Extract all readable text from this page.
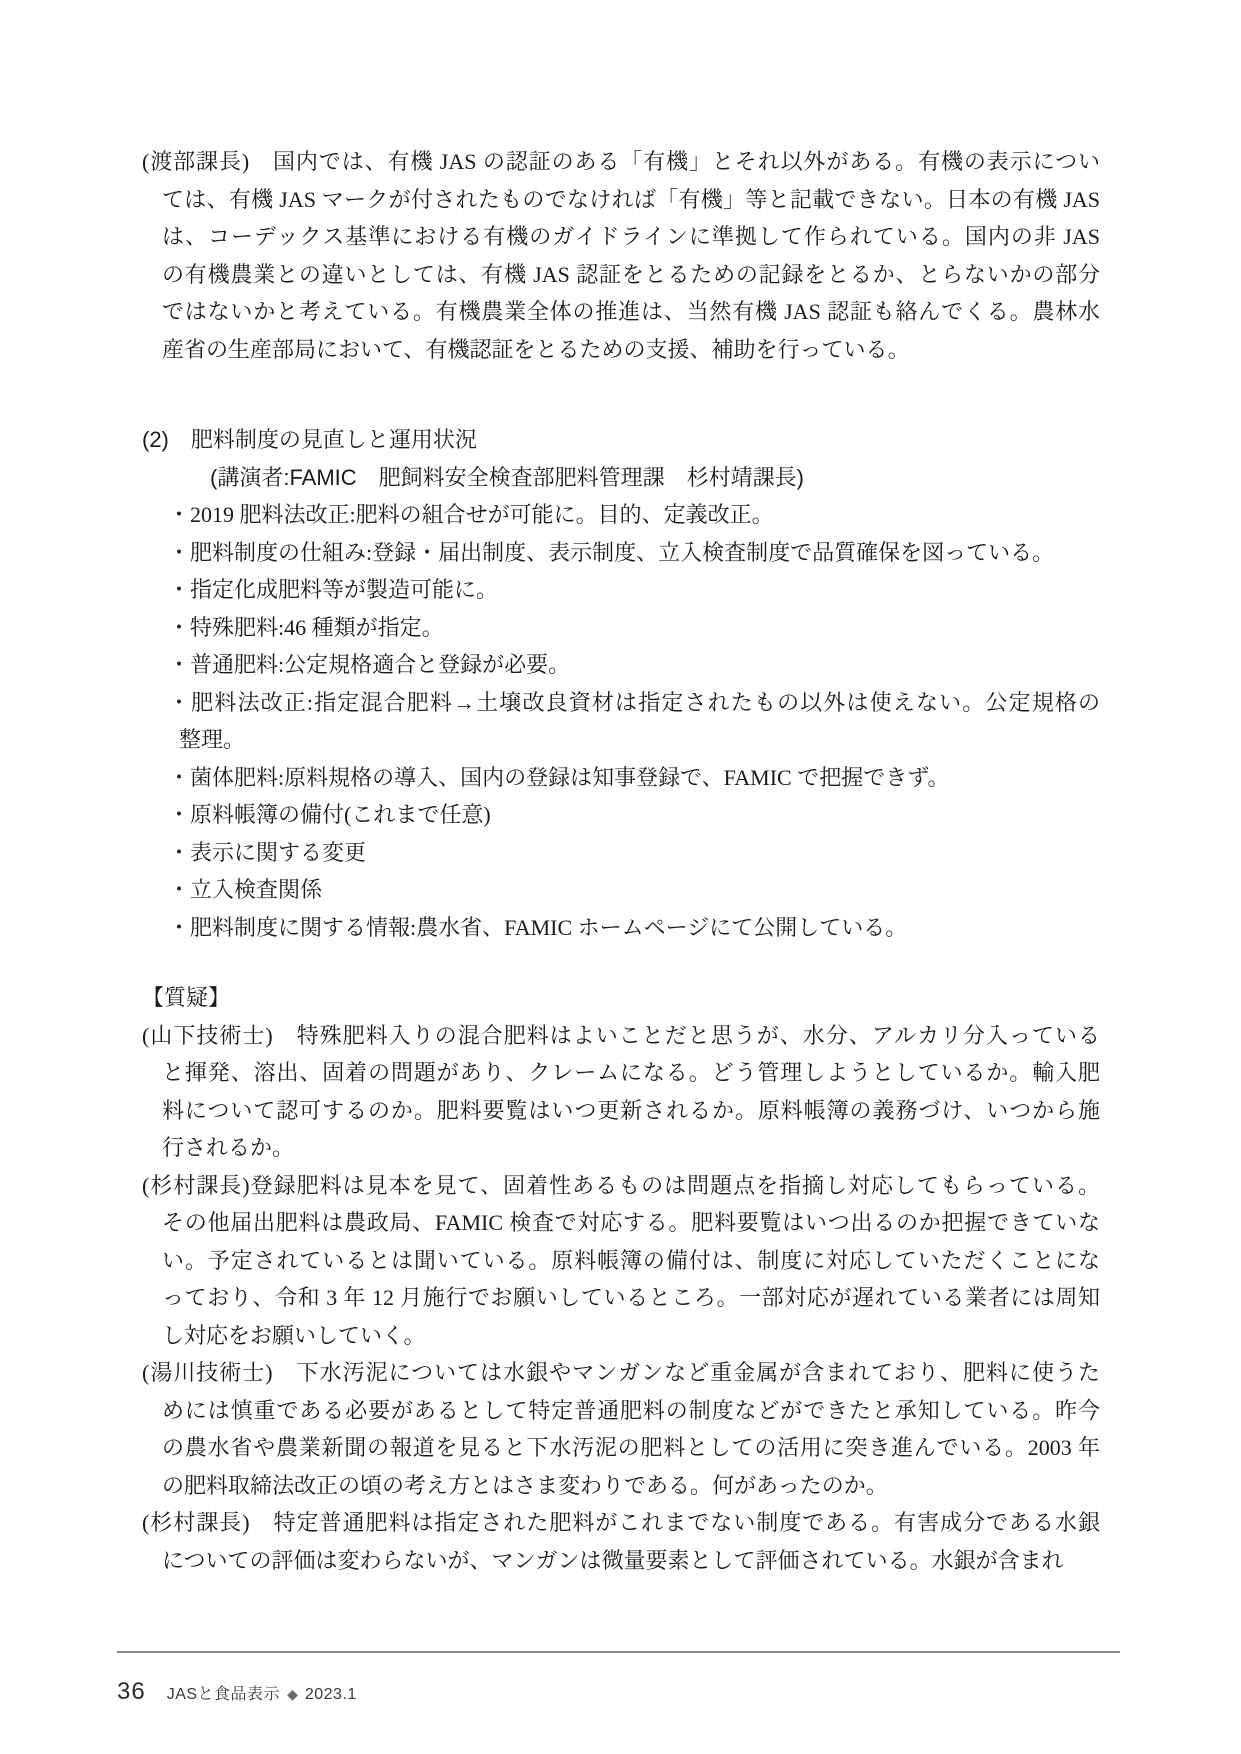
(渡部課長)　国内では、有機 JAS の認証のある「有機」とそれ以外がある。有機の表示につい
ては、有機 JAS マークが付されたものでなければ「有機」等と記載できない。日本の有機 JAS
は、コーデックス基準における有機のガイドラインに準拠して作られている。国内の非 JAS
の有機農業との違いとしては、有機 JAS 認証をとるための記録をとるか、とらないかの部分
ではないかと考えている。有機農業全体の推進は、当然有機 JAS 認証も絡んでくる。農林水
産省の生産部局において、有機認証をとるための支援、補助を行っている。
(2)　肥料制度の見直しと運用状況
(講演者:FAMIC　肥飼料安全検査部肥料管理課　杉村靖課長)
・2019 肥料法改正:肥料の組合せが可能に。目的、定義改正。
・肥料制度の仕組み:登録・届出制度、表示制度、立入検査制度で品質確保を図っている。
・指定化成肥料等が製造可能に。
・特殊肥料:46 種類が指定。
・普通肥料:公定規格適合と登録が必要。
・肥料法改正:指定混合肥料→土壌改良資材は指定されたもの以外は使えない。公定規格の
整理。
・菌体肥料:原料規格の導入、国内の登録は知事登録で、FAMIC で把握できず。
・原料帳簿の備付(これまで任意)
・表示に関する変更
・立入検査関係
・肥料制度に関する情報:農水省、FAMIC ホームページにて公開している。
【質疑】
(山下技術士)　特殊肥料入りの混合肥料はよいことだと思うが、水分、アルカリ分入っている
と揮発、溶出、固着の問題があり、クレームになる。どう管理しようとしているか。輸入肥
料について認可するのか。肥料要覧はいつ更新されるか。原料帳簿の義務づけ、いつから施
行されるか。
(杉村課長)登録肥料は見本を見て、固着性あるものは問題点を指摘し対応してもらっている。
その他届出肥料は農政局、FAMIC 検査で対応する。肥料要覧はいつ出るのか把握できていな
い。予定されているとは聞いている。原料帳簿の備付は、制度に対応していただくことにな
っており、令和 3 年 12 月施行でお願いしているところ。一部対応が遅れている業者には周知
し対応をお願いしていく。
(湯川技術士)　下水汚泥については水銀やマンガンなど重金属が含まれており、肥料に使うた
めには慎重である必要があるとして特定普通肥料の制度などができたと承知している。昨今
の農水省や農業新聞の報道を見ると下水汚泥の肥料としての活用に突き進んでいる。2003 年
の肥料取締法改正の頃の考え方とはさま変わりである。何があったのか。
(杉村課長)　特定普通肥料は指定された肥料がこれまでない制度である。有害成分である水銀
についての評価は変わらないが、マンガンは微量要素として評価されている。水銀が含まれ
36 JASと食品表示 ◆ 2023.1
